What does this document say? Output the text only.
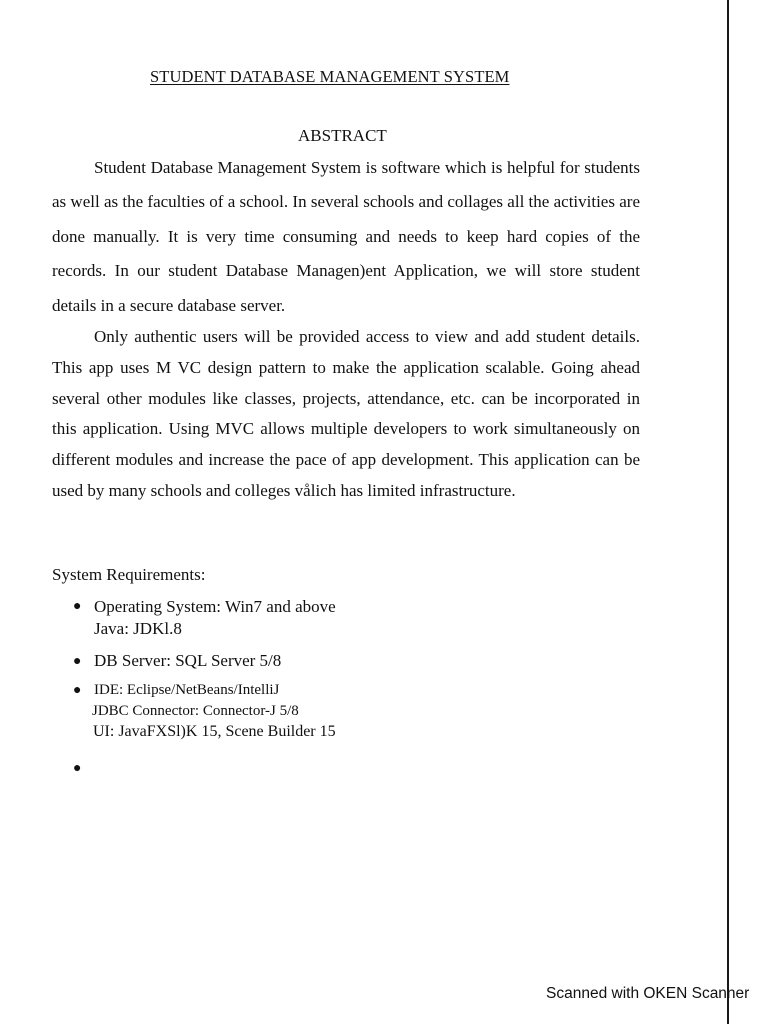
STUDENT DATABASE MANAGEMENT SYSTEM
ABSTRACT

Student Database Management System is software which is helpful for students as well as the faculties of a school. In several schools and collages all the activities are done manually. It is very time consuming and needs to keep hard copies of the records. In our student Database Managen)ent Application, we will store student details in a secure database server.

Only authentic users will be provided access to view and add student details. This app uses M VC design pattern to make the application scalable. Going ahead several other modules like classes, projects, attendance, etc. can be incorporated in this application. Using MVC allows multiple developers to work simultaneously on different modules and increase the pace of app development. This application can be used by many schools and colleges vålich has limited infrastructure.

System Requirements:
● Operating System: Win7 and above
Java: JDKl.8
● DB Server: SQL Server 5/8
● IDE: Eclipse/NetBeans/IntelliJ
JDBC Connector: Connector-J 5/8
UI: JavaFXSl)K 15, Scene Builder 15
●
Scanned with OKEN Scanner
